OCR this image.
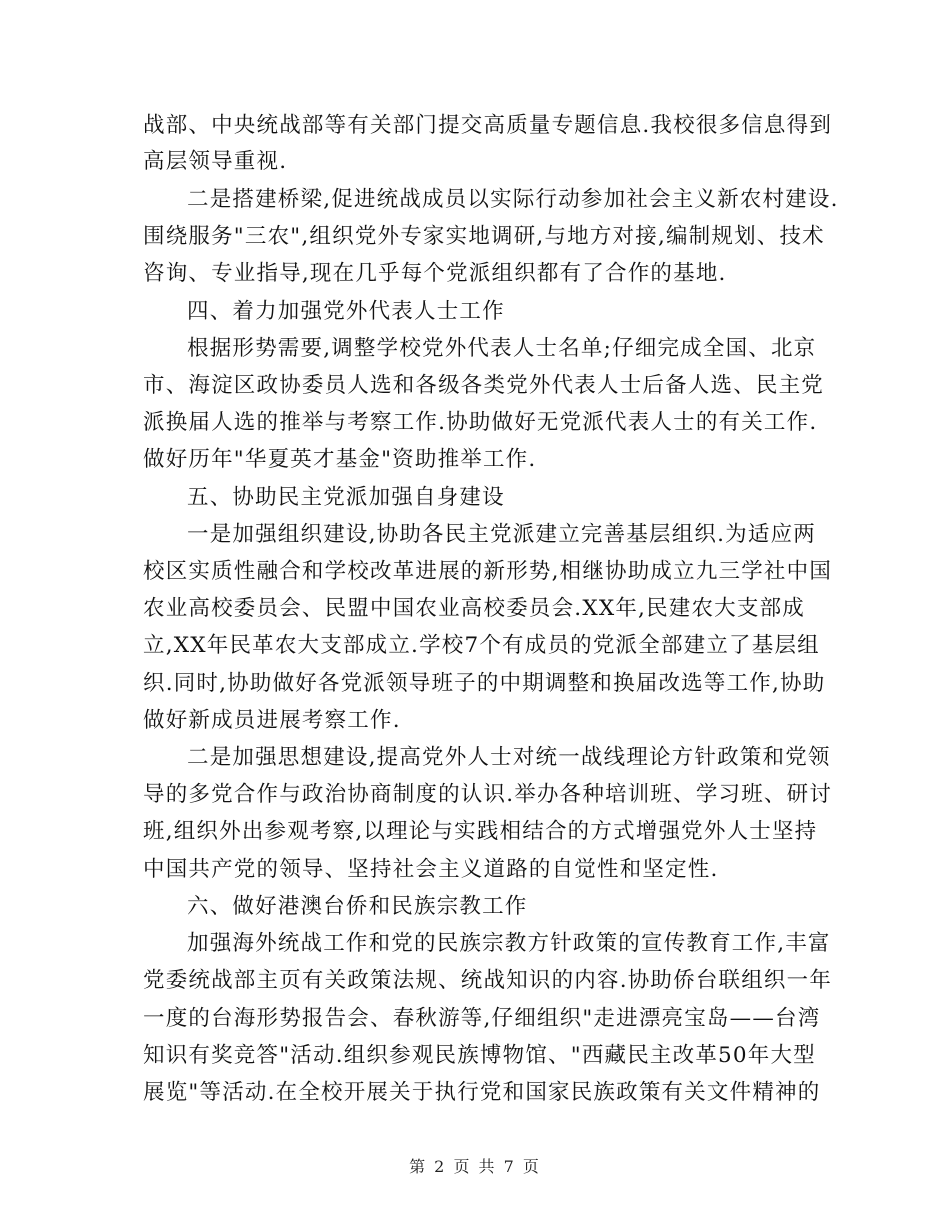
战部、中央统战部等有关部门提交高质量专题信息.我校很多信息得到
高层领导重视.
二是搭建桥梁,促进统战成员以实际行动参加社会主义新农村建设.
围绕服务"三农",组织党外专家实地调研,与地方对接,编制规划、技术
咨询、专业指导,现在几乎每个党派组织都有了合作的基地.
四、着力加强党外代表人士工作
根据形势需要,调整学校党外代表人士名单;仔细完成全国、北京
市、海淀区政协委员人选和各级各类党外代表人士后备人选、民主党
派换届人选的推举与考察工作.协助做好无党派代表人士的有关工作.
做好历年"华夏英才基金"资助推举工作.
五、协助民主党派加强自身建设
一是加强组织建设,协助各民主党派建立完善基层组织.为适应两
校区实质性融合和学校改革进展的新形势,相继协助成立九三学社中国
农业高校委员会、民盟中国农业高校委员会.XX年,民建农大支部成
立,XX年民革农大支部成立.学校7个有成员的党派全部建立了基层组
织.同时,协助做好各党派领导班子的中期调整和换届改选等工作,协助
做好新成员进展考察工作.
二是加强思想建设,提高党外人士对统一战线理论方针政策和党领
导的多党合作与政治协商制度的认识.举办各种培训班、学习班、研讨
班,组织外出参观考察,以理论与实践相结合的方式增强党外人士坚持
中国共产党的领导、坚持社会主义道路的自觉性和坚定性.
六、做好港澳台侨和民族宗教工作
加强海外统战工作和党的民族宗教方针政策的宣传教育工作,丰富
党委统战部主页有关政策法规、统战知识的内容.协助侨台联组织一年
一度的台海形势报告会、春秋游等,仔细组织"走进漂亮宝岛——台湾
知识有奖竞答"活动.组织参观民族博物馆、"西藏民主改革50年大型
展览"等活动.在全校开展关于执行党和国家民族政策有关文件精神的
第 2 页 共 7 页
